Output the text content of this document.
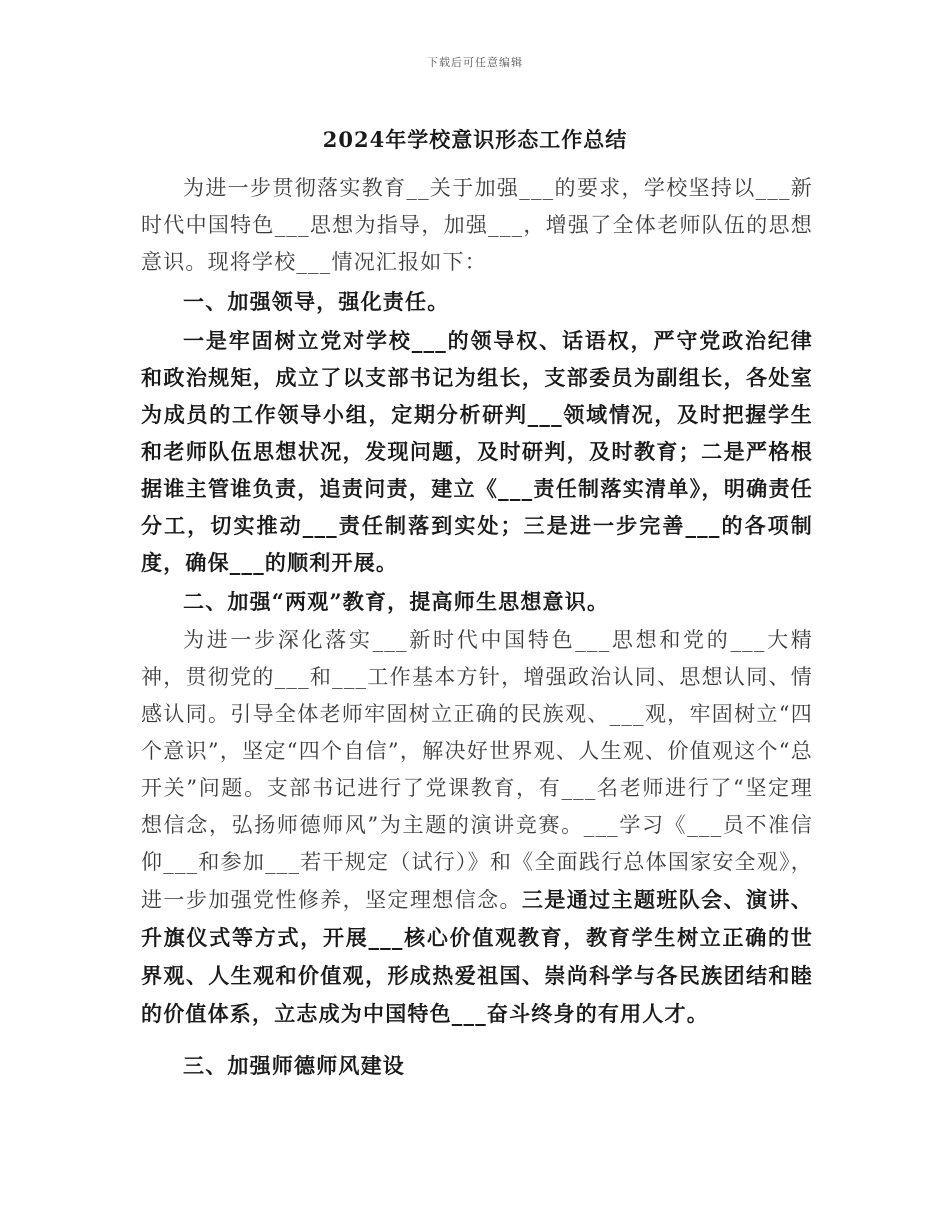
下载后可任意编辑
2024年学校意识形态工作总结

为进一步贯彻落实教育__关于加强___的要求，学校坚持以___新时代中国特色___思想为指导，加强___，增强了全体老师队伍的思想意识。现将学校___情况汇报如下：

一、加强领导，强化责任。

一是牢固树立党对学校___的领导权、话语权，严守党政治纪律和政治规矩，成立了以支部书记为组长，支部委员为副组长，各处室为成员的工作领导小组，定期分析研判___领域情况，及时把握学生和老师队伍思想状况，发现问题，及时研判，及时教育；二是严格根据谁主管谁负责，追责问责，建立《___责任制落实清单》，明确责任分工，切实推动___责任制落到实处；三是进一步完善___的各项制度，确保___的顺利开展。

二、加强“两观”教育，提高师生思想意识。

为进一步深化落实___新时代中国特色___思想和党的___大精神，贯彻党的___和___工作基本方针，增强政治认同、思想认同、情感认同。引导全体老师牢固树立正确的民族观、___观，牢固树立“四个意识”，坚定“四个自信”，解决好世界观、人生观、价值观这个“总开关”问题。支部书记进行了党课教育，有___名老师进行了“坚定理想信念，弘扬师德师风”为主题的演讲竞赛。___学习《___员不准信仰___和参加___若干规定（试行）》和《全面践行总体国家安全观》，进一步加强党性修养，坚定理想信念。三是通过主题班队会、演讲、升旗仪式等方式，开展___核心价值观教育，教育学生树立正确的世界观、人生观和价值观，形成热爱祖国、崇尚科学与各民族团结和睦的价值体系，立志成为中国特色___奋斗终身的有用人才。

三、加强师德师风建设
